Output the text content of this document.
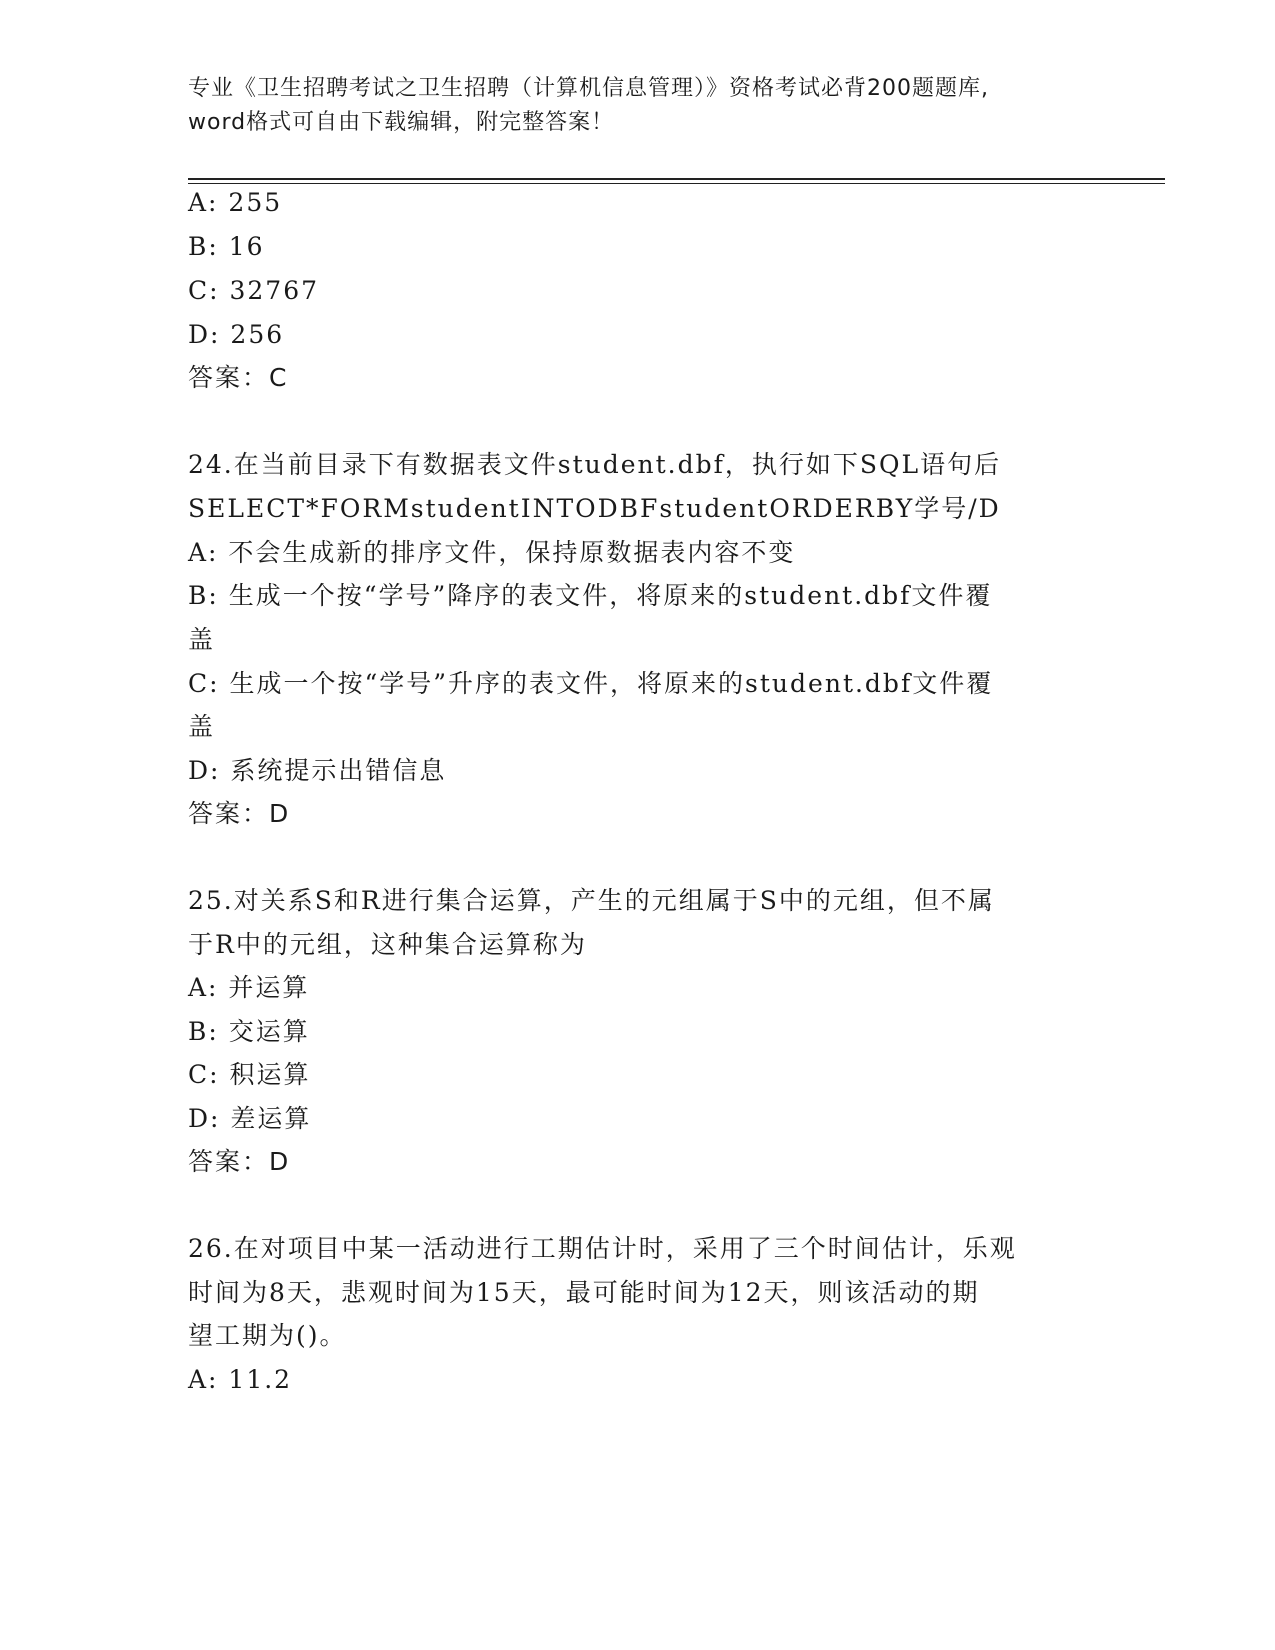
专业《卫生招聘考试之卫生招聘（计算机信息管理）》资格考试必背200题题库,
word格式可自由下载编辑，附完整答案！
A: 255
B: 16
C: 32767
D: 256
答案：C
24.在当前目录下有数据表文件student.dbf，执行如下SQL语句后
SELECT*FORMstudentINTODBFstudentORDERBY学号/D
A: 不会生成新的排序文件，保持原数据表内容不变
B: 生成一个按“学号”降序的表文件，将原来的student.dbf文件覆
盖
C: 生成一个按“学号”升序的表文件，将原来的student.dbf文件覆
盖
D: 系统提示出错信息
答案：D
25.对关系S和R进行集合运算，产生的元组属于S中的元组，但不属
于R中的元组，这种集合运算称为
A: 并运算
B: 交运算
C: 积运算
D: 差运算
答案：D
26.在对项目中某一活动进行工期估计时，采用了三个时间估计，乐观
时间为8天，悲观时间为15天，最可能时间为12天，则该活动的期
望工期为()。
A: 11.2
